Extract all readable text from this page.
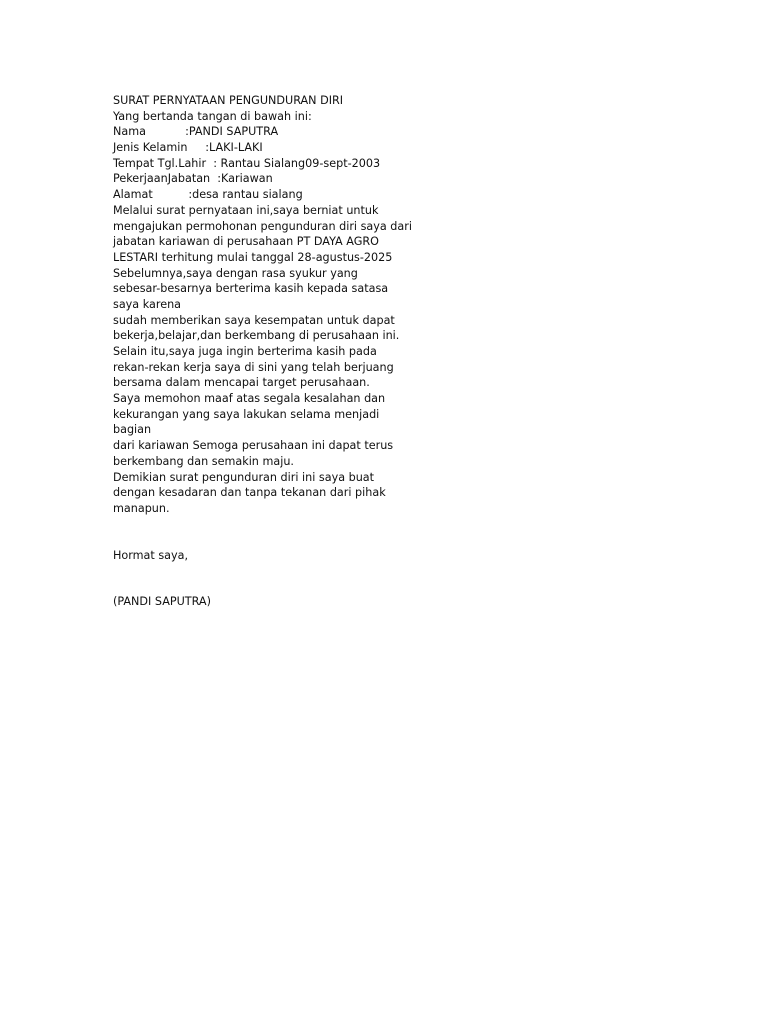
SURAT PERNYATAAN PENGUNDURAN DIRI
Yang bertanda tangan di bawah ini:
Nama           :PANDI SAPUTRA
Jenis Kelamin     :LAKI-LAKI
Tempat Tgl.Lahir  : Rantau Sialang09-sept-2003
PekerjaanJabatan  :Kariawan
Alamat          :desa rantau sialang
Melalui surat pernyataan ini,saya berniat untuk
mengajukan permohonan pengunduran diri saya dari
jabatan kariawan di perusahaan PT DAYA AGRO
LESTARI terhitung mulai tanggal 28-agustus-2025
Sebelumnya,saya dengan rasa syukur yang
sebesar-besarnya berterima kasih kepada satasa
saya karena
sudah memberikan saya kesempatan untuk dapat
bekerja,belajar,dan berkembang di perusahaan ini.
Selain itu,saya juga ingin berterima kasih pada
rekan-rekan kerja saya di sini yang telah berjuang
bersama dalam mencapai target perusahaan.
Saya memohon maaf atas segala kesalahan dan
kekurangan yang saya lakukan selama menjadi
bagian
dari kariawan Semoga perusahaan ini dapat terus
berkembang dan semakin maju.
Demikian surat pengunduran diri ini saya buat
dengan kesadaran dan tanpa tekanan dari pihak
manapun.
Hormat saya,
(PANDI SAPUTRA)
